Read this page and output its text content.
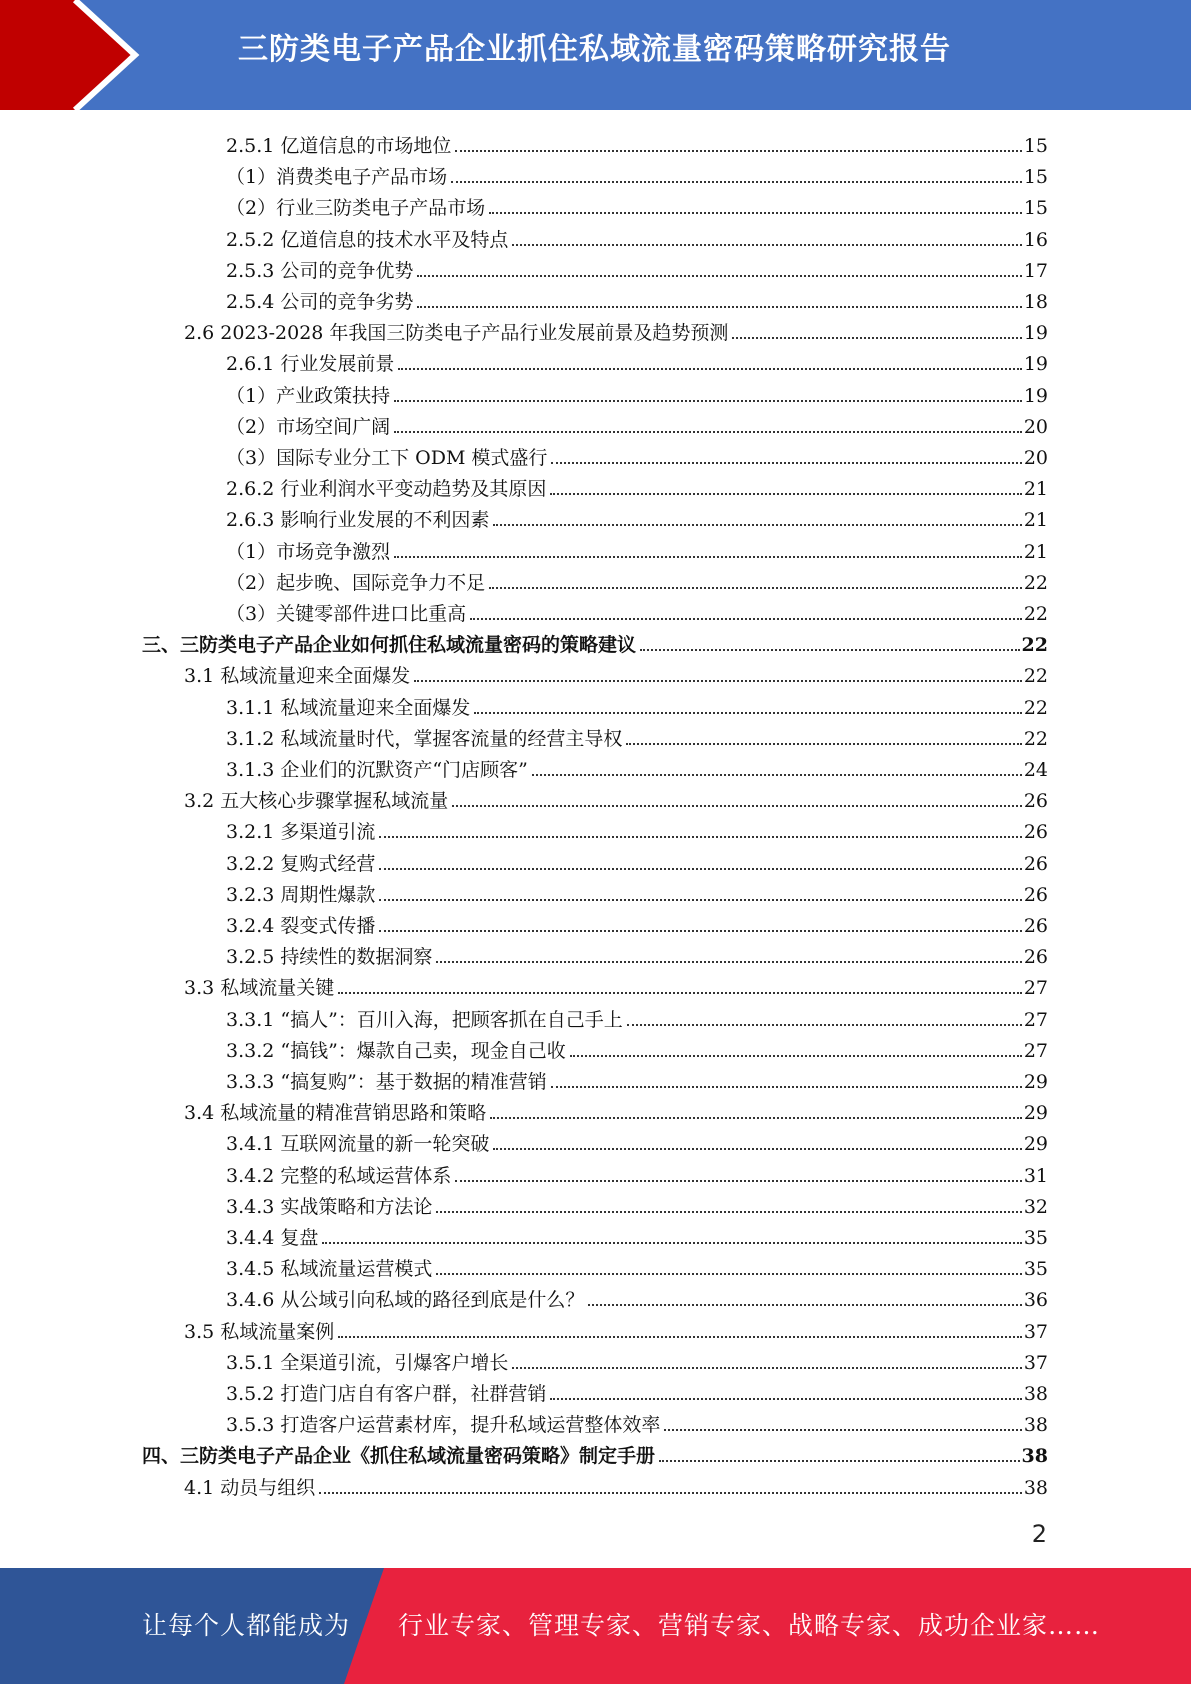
三防类电子产品企业抓住私域流量密码策略研究报告
2.5.1 亿道信息的市场地位	15
（1）消费类电子产品市场	15
（2）行业三防类电子产品市场	15
2.5.2 亿道信息的技术水平及特点	16
2.5.3 公司的竞争优势	17
2.5.4 公司的竞争劣势	18
2.6 2023-2028 年我国三防类电子产品行业发展前景及趋势预测	19
2.6.1 行业发展前景	19
（1）产业政策扶持	19
（2）市场空间广阔	20
（3）国际专业分工下 ODM 模式盛行	20
2.6.2 行业利润水平变动趋势及其原因	21
2.6.3 影响行业发展的不利因素	21
（1）市场竞争激烈	21
（2）起步晚、国际竞争力不足	22
（3）关键零部件进口比重高	22
三、三防类电子产品企业如何抓住私域流量密码的策略建议	22
3.1 私域流量迎来全面爆发	22
3.1.1 私域流量迎来全面爆发	22
3.1.2 私域流量时代，掌握客流量的经营主导权	22
3.1.3 企业们的沉默资产“门店顾客”	24
3.2 五大核心步骤掌握私域流量	26
3.2.1 多渠道引流	26
3.2.2 复购式经营	26
3.2.3 周期性爆款	26
3.2.4 裂变式传播	26
3.2.5 持续性的数据洞察	26
3.3 私域流量关键	27
3.3.1 “搞人”：百川入海，把顾客抓在自己手上	27
3.3.2 “搞钱”：爆款自己卖，现金自己收	27
3.3.3 “搞复购”：基于数据的精准营销	29
3.4 私域流量的精准营销思路和策略	29
3.4.1 互联网流量的新一轮突破	29
3.4.2 完整的私域运营体系	31
3.4.3 实战策略和方法论	32
3.4.4 复盘	35
3.4.5 私域流量运营模式	35
3.4.6 从公域引向私域的路径到底是什么？	36
3.5 私域流量案例	37
3.5.1 全渠道引流，引爆客户增长	37
3.5.2 打造门店自有客户群，社群营销	38
3.5.3 打造客户运营素材库，提升私域运营整体效率	38
四、三防类电子产品企业《抓住私域流量密码策略》制定手册	38
4.1 动员与组织	38
2
让每个人都能成为 行业专家、管理专家、营销专家、战略专家、成功企业家……
